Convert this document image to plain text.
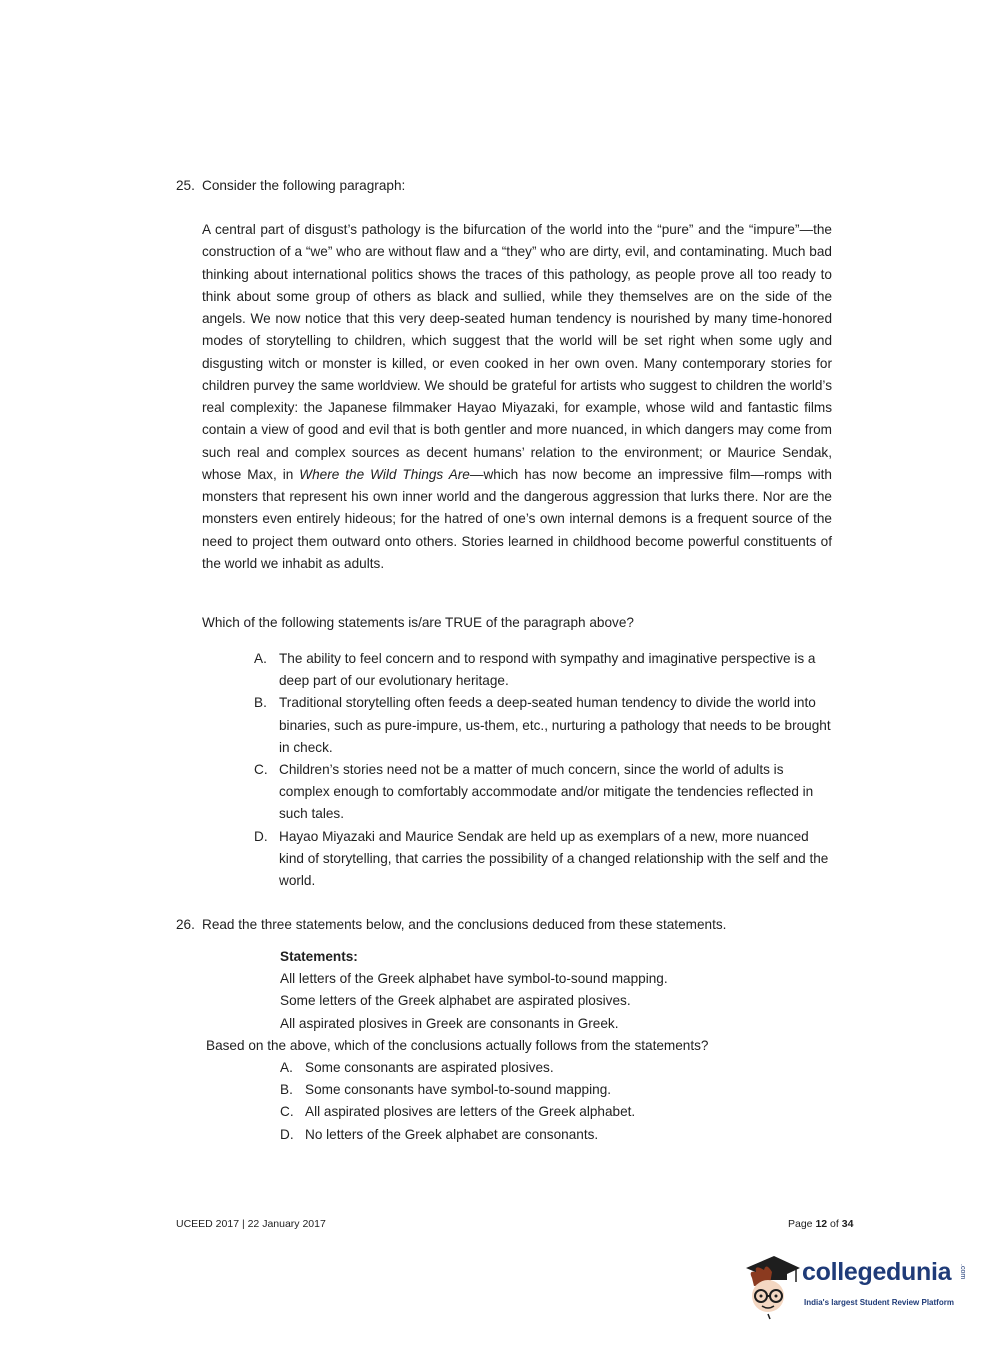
25. Consider the following paragraph:
A central part of disgust’s pathology is the bifurcation of the world into the “pure” and the “impure”—the construction of a “we” who are without flaw and a “they” who are dirty, evil, and contaminating. Much bad thinking about international politics shows the traces of this pathology, as people prove all too ready to think about some group of others as black and sullied, while they themselves are on the side of the angels. We now notice that this very deep-seated human tendency is nourished by many time-honored modes of storytelling to children, which suggest that the world will be set right when some ugly and disgusting witch or monster is killed, or even cooked in her own oven. Many contemporary stories for children purvey the same worldview. We should be grateful for artists who suggest to children the world’s real complexity: the Japanese filmmaker Hayao Miyazaki, for example, whose wild and fantastic films contain a view of good and evil that is both gentler and more nuanced, in which dangers may come from such real and complex sources as decent humans’ relation to the environment; or Maurice Sendak, whose Max, in Where the Wild Things Are—which has now become an impressive film—romps with monsters that represent his own inner world and the dangerous aggression that lurks there. Nor are the monsters even entirely hideous; for the hatred of one’s own internal demons is a frequent source of the need to project them outward onto others. Stories learned in childhood become powerful constituents of the world we inhabit as adults.
Which of the following statements is/are TRUE of the paragraph above?
A. The ability to feel concern and to respond with sympathy and imaginative perspective is a deep part of our evolutionary heritage.
B. Traditional storytelling often feeds a deep-seated human tendency to divide the world into binaries, such as pure-impure, us-them, etc., nurturing a pathology that needs to be brought in check.
C. Children’s stories need not be a matter of much concern, since the world of adults is complex enough to comfortably accommodate and/or mitigate the tendencies reflected in such tales.
D. Hayao Miyazaki and Maurice Sendak are held up as exemplars of a new, more nuanced kind of storytelling, that carries the possibility of a changed relationship with the self and the world.
26. Read the three statements below, and the conclusions deduced from these statements.
Statements:
All letters of the Greek alphabet have symbol-to-sound mapping.
Some letters of the Greek alphabet are aspirated plosives.
All aspirated plosives in Greek are consonants in Greek.
Based on the above, which of the conclusions actually follows from the statements?
A. Some consonants are aspirated plosives.
B. Some consonants have symbol-to-sound mapping.
C. All aspirated plosives are letters of the Greek alphabet.
D. No letters of the Greek alphabet are consonants.
UCEED 2017 | 22 January 2017	Page 12 of 34
collegedunia .com
India's largest Student Review Platform
